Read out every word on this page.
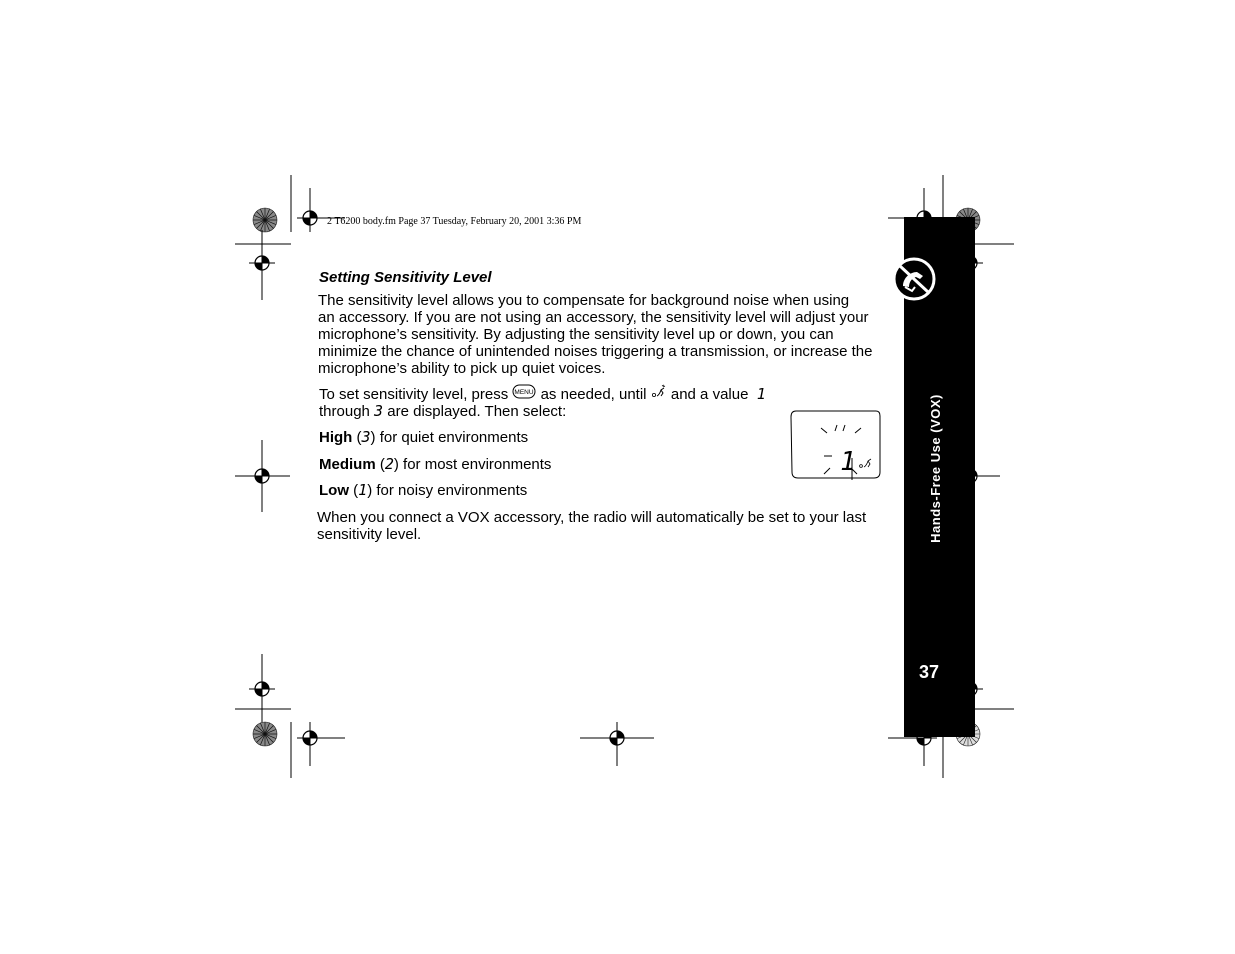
2 T6200 body.fm Page 37 Tuesday, February 20, 2001 3:36 PM
Hands-Free Use (VOX)
37
Setting Sensitivity Level
The sensitivity level allows you to compensate for background noise when using
an accessory. If you are not using an accessory, the sensitivity level will adjust your
microphone’s sensitivity. By adjusting the sensitivity level up or down, you can
minimize the chance of unintended noises triggering a transmission, or increase the
microphone’s ability to pick up quiet voices.
To set sensitivity level, press MENU as needed, until and a value 1
through 3 are displayed. Then select:
High (3) for quiet environments
Medium (2) for most environments
Low (1) for noisy environments
1
When you connect a VOX accessory, the radio will automatically be set to your last
sensitivity level.
